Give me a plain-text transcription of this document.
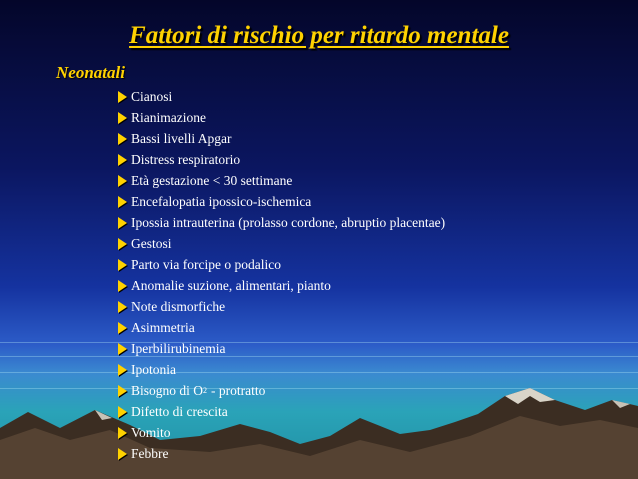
Fattori di rischio per ritardo mentale
Neonatali
Cianosi
Rianimazione
Bassi livelli Apgar
Distress respiratorio
Età gestazione < 30 settimane
Encefalopatia ipossico-ischemica
Ipossia intrauterina (prolasso cordone, abruptio placentae)
Gestosi
Parto via forcipe o podalico
Anomalie suzione, alimentari, pianto
Note dismorfiche
Asimmetria
Iperbilirubinemia
Ipotonia
Bisogno di O 2 - protratto
Difetto di crescita
Vomito
Febbre
